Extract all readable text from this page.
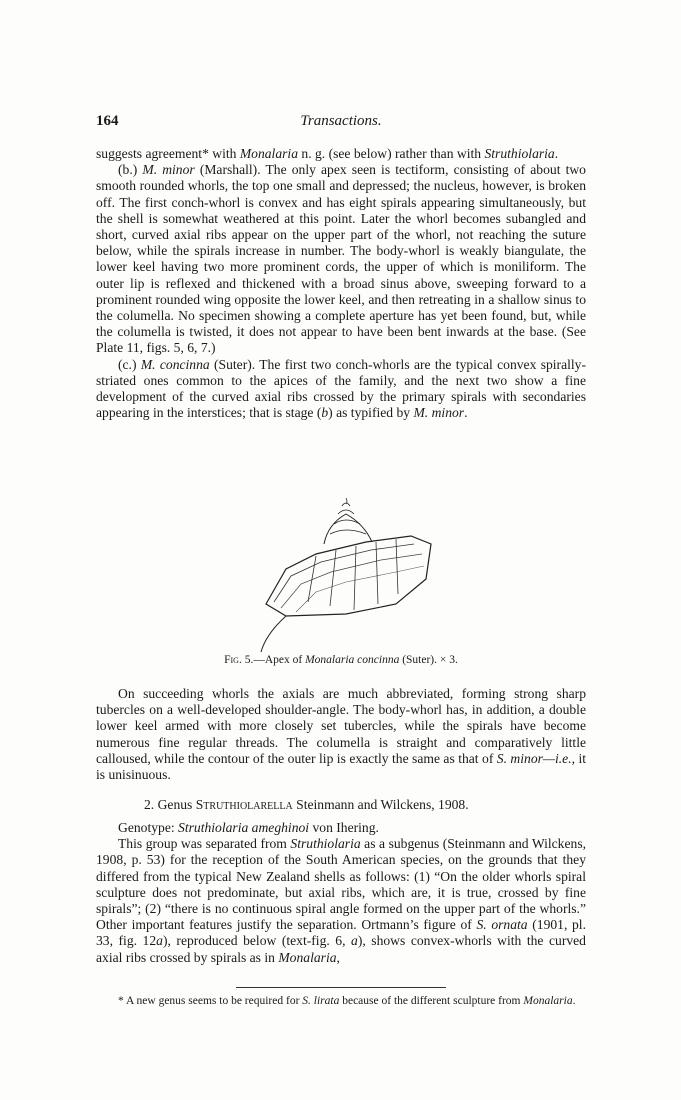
164	Transactions.

suggests agreement* with Monalaria n. g. (see below) rather than with Struthiolaria.

(b.) M. minor (Marshall). The only apex seen is tectiform, consisting of about two smooth rounded whorls, the top one small and depressed; the nucleus, however, is broken off. The first conch-whorl is convex and has eight spirals appearing simultaneously, but the shell is somewhat weathered at this point. Later the whorl becomes subangled and short, curved axial ribs appear on the upper part of the whorl, not reaching the suture below, while the spirals increase in number. The body-whorl is weakly biangulate, the lower keel having two more prominent cords, the upper of which is moniliform. The outer lip is reflexed and thickened with a broad sinus above, sweeping forward to a prominent rounded wing opposite the lower keel, and then retreating in a shallow sinus to the columella. No specimen showing a complete aperture has yet been found, but, while the columella is twisted, it does not appear to have been bent inwards at the base. (See Plate 11, figs. 5, 6, 7.)

(c.) M. concinna (Suter). The first two conch-whorls are the typical convex spirally-striated ones common to the apices of the family, and the next two show a fine development of the curved axial ribs crossed by the primary spirals with secondaries appearing in the interstices; that is stage (b) as typified by M. minor.

Fig. 5.—Apex of Monalaria concinna (Suter). × 3.

On succeeding whorls the axials are much abbreviated, forming strong sharp tubercles on a well-developed shoulder-angle. The body-whorl has, in addition, a double lower keel armed with more closely set tubercles, while the spirals have become numerous fine regular threads. The columella is straight and comparatively little calloused, while the contour of the outer lip is exactly the same as that of S. minor—i.e., it is unisinuous.

2. Genus Struthiolarella Steinmann and Wilckens, 1908.

Genotype: Struthiolaria ameghinoi von Ihering.

This group was separated from Struthiolaria as a subgenus (Steinmann and Wilckens, 1908, p. 53) for the reception of the South American species, on the grounds that they differed from the typical New Zealand shells as follows: (1) “On the older whorls spiral sculpture does not predominate, but axial ribs, which are, it is true, crossed by fine spirals”; (2) “there is no continuous spiral angle formed on the upper part of the whorls.” Other important features justify the separation. Ortmann’s figure of S. ornata (1901, pl. 33, fig. 12a), reproduced below (text-fig. 6, a), shows convex-whorls with the curved axial ribs crossed by spirals as in Monalaria,

* A new genus seems to be required for S. lirata because of the different sculpture from Monalaria.
